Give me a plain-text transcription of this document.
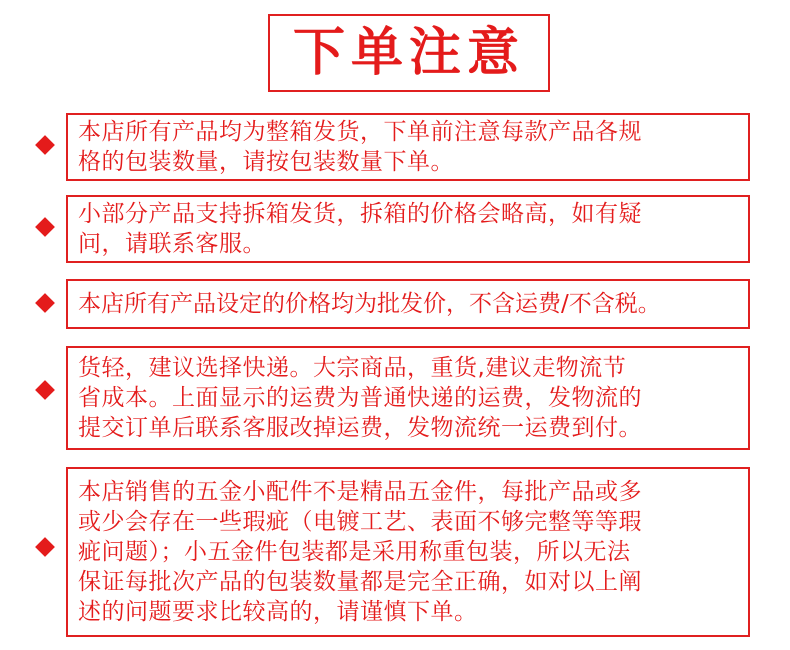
下单注意

本店所有产品均为整箱发货，下单前注意每款产品各规
格的包装数量，请按包装数量下单。

小部分产品支持拆箱发货，拆箱的价格会略高，如有疑
问，请联系客服。

本店所有产品设定的价格均为批发价，不含运费/不含税。

货轻，建议选择快递。大宗商品，重货,建议走物流节
省成本。上面显示的运费为普通快递的运费，发物流的
提交订单后联系客服改掉运费，发物流统一运费到付。

本店销售的五金小配件不是精品五金件，每批产品或多
或少会存在一些瑕疵（电镀工艺、表面不够完整等等瑕
疵问题）；小五金件包装都是采用称重包装，所以无法
保证每批次产品的包装数量都是完全正确，如对以上阐
述的问题要求比较高的，请谨慎下单。
